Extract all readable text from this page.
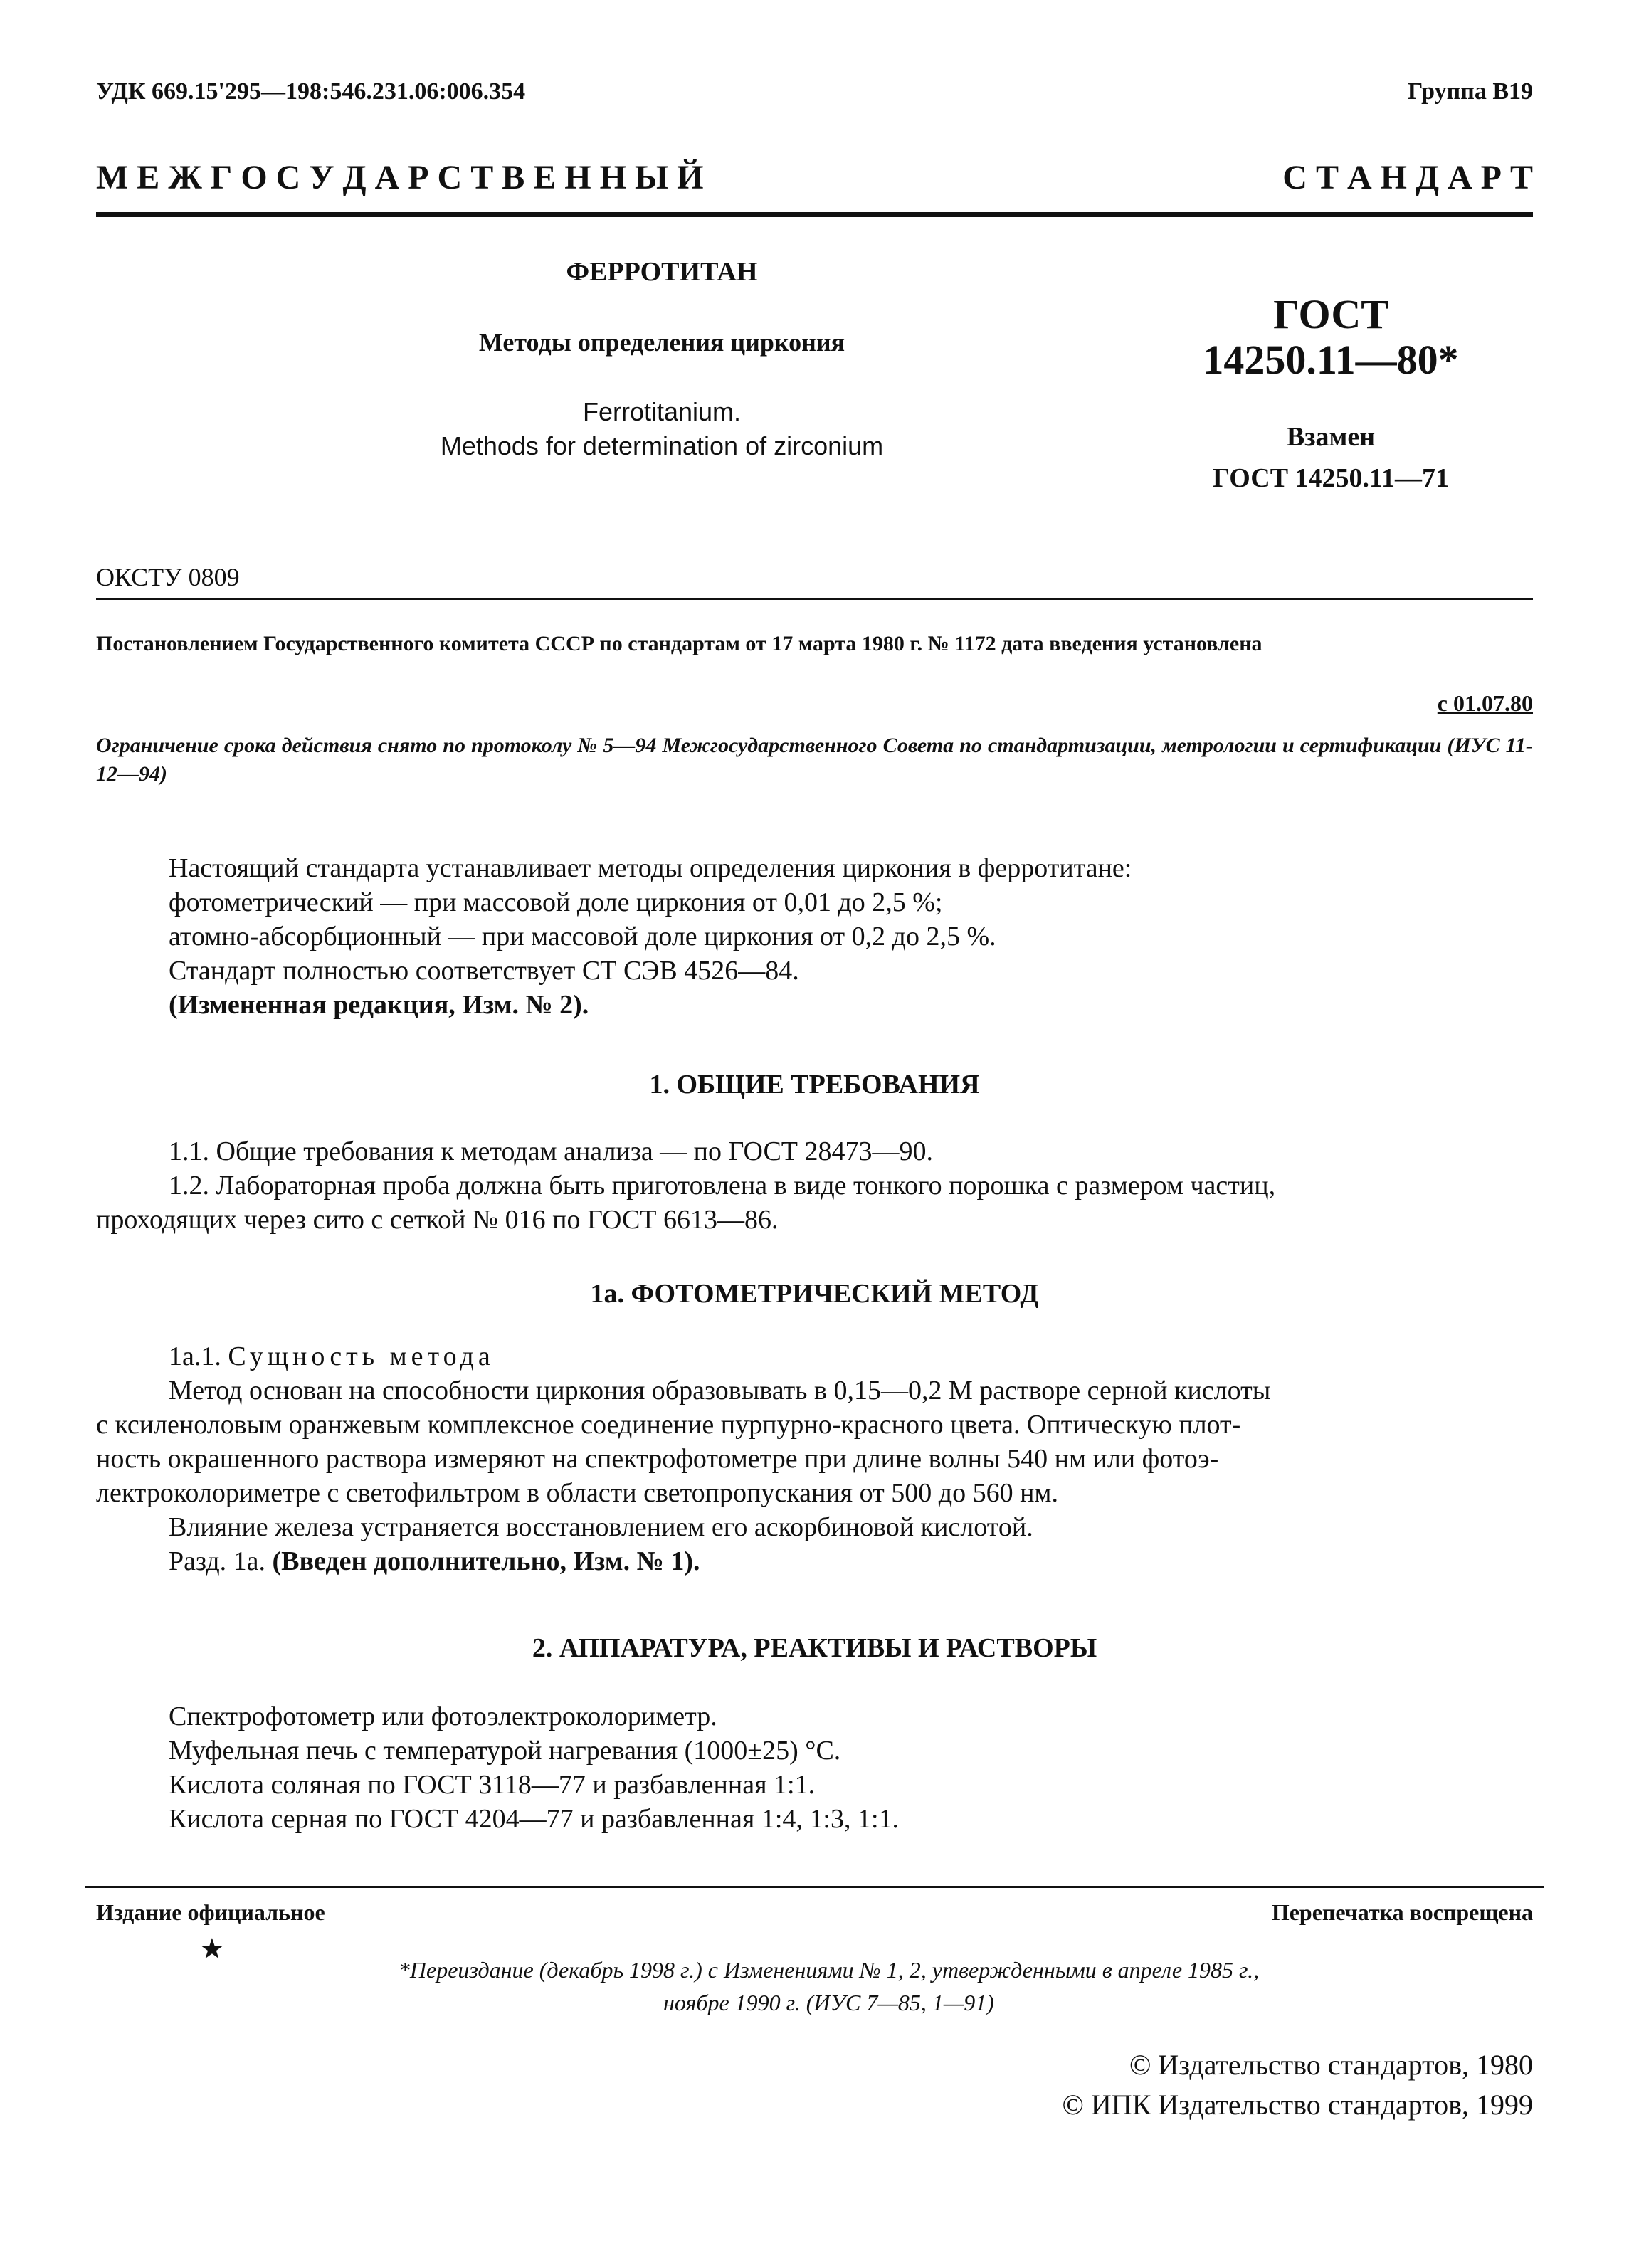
УДК 669.15'295—198:546.231.06:006.354	Группа В19
М Е Ж Г О С У Д А Р С Т В Е Н Н Ы Й	С Т А Н Д А Р Т
ФЕРРОТИТАН
Методы определения циркония
Ferrotitanium.
Methods for determination of zirconium
ГОСТ
14250.11—80*
Взамен
ГОСТ 14250.11—71
ОКСТУ 0809
Постановлением Государственного комитета СССР по стандартам от 17 марта 1980 г. № 1172 дата введения установлена
с 01.07.80
Ограничение срока действия снято по протоколу № 5—94 Межгосударственного Совета по стандартизации, метрологии и сертификации (ИУС 11-12—94)

Настоящий стандарта устанавливает методы определения циркония в ферротитане:

фотометрический — при массовой доле циркония от 0,01 до 2,5 %;

атомно-абсорбционный — при массовой доле циркония от 0,2 до 2,5 %.

Стандарт полностью соответствует СТ СЭВ 4526—84.

(Измененная редакция, Изм. № 2).

1. ОБЩИЕ ТРЕБОВАНИЯ

1.1. Общие требования к методам анализа — по ГОСТ 28473—90.

1.2. Лабораторная проба должна быть приготовлена в виде тонкого порошка с размером частиц,

проходящих через сито с сеткой № 016 по ГОСТ 6613—86.

1а. ФОТОМЕТРИЧЕСКИЙ МЕТОД

1а.1. Сущность метода

Метод основан на способности циркония образовывать в 0,15—0,2 М растворе серной кислоты

с ксиленоловым оранжевым комплексное соединение пурпурно-красного цвета. Оптическую плот-

ность окрашенного раствора измеряют на спектрофотометре при длине волны 540 нм или фотоэ-

лектроколориметре с светофильтром в области светопропускания от 500 до 560 нм.

Влияние железа устраняется восстановлением его аскорбиновой кислотой.

Разд. 1а. (Введен дополнительно, Изм. № 1).

2. АППАРАТУРА, РЕАКТИВЫ И РАСТВОРЫ

Спектрофотометр или фотоэлектроколориметр.

Муфельная печь с температурой нагревания (1000±25) °С.

Кислота соляная по ГОСТ 3118—77 и разбавленная 1:1.

Кислота серная по ГОСТ 4204—77 и разбавленная 1:4, 1:3, 1:1.

Издание официальное	Перепечатка воспрещена
★
*Переиздание (декабрь 1998 г.) с Изменениями № 1, 2, утвержденными в апреле 1985 г.,
ноябре 1990 г. (ИУС 7—85, 1—91)
© Издательство стандартов, 1980
© ИПК Издательство стандартов, 1999
